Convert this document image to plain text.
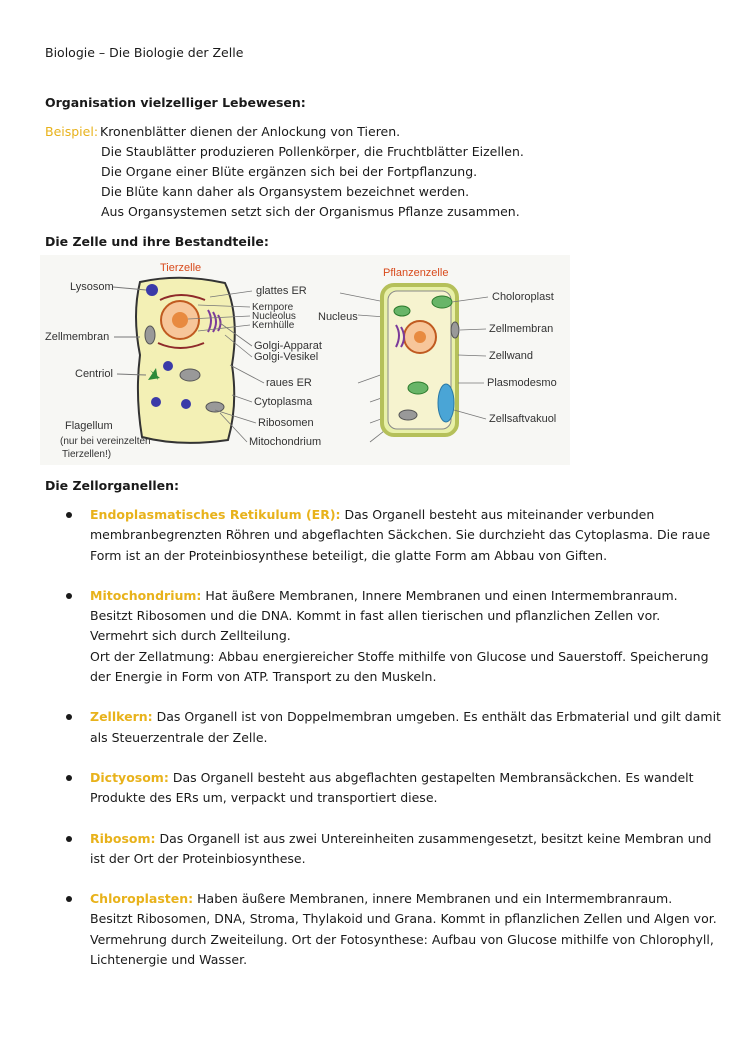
Biologie – Die Biologie der Zelle
Organisation vielzelliger Lebewesen:
Beispiel: Kronenblätter dienen der Anlockung von Tieren.
Die Staublätter produzieren Pollenkörper, die Fruchtblätter Eizellen.
Die Organe einer Blüte ergänzen sich bei der Fortpflanzung.
Die Blüte kann daher als Organsystem bezeichnet werden.
Aus Organsystemen setzt sich der Organismus Pflanze zusammen.
Die Zelle und ihre Bestandteile:
Tierzelle
Lysosom
Zellmembran
Centriol
Flagellum
(nur bei vereinzelten
Tierzellen!)
glattes ER
Kernpore
Nucleolus
Kernhülle
Nucleus
Golgi-Apparat
Golgi-Vesikel
raues ER
Cytoplasma
Ribosomen
Mitochondrium
Pflanzenzelle
Choloroplast
Zellmembran
Zellwand
Plasmodesmo
Zellsaftvakuol
Die Zellorganellen:
Endoplasmatisches Retikulum (ER): Das Organell besteht aus miteinander verbunden
membranbegrenzten Röhren und abgeflachten Säckchen. Sie durchzieht das Cytoplasma. Die raue
Form ist an der Proteinbiosynthese beteiligt, die glatte Form am Abbau von Giften.
Mitochondrium: Hat äußere Membranen, Innere Membranen und einen Intermembranraum.
Besitzt Ribosomen und die DNA. Kommt in fast allen tierischen und pflanzlichen Zellen vor.
Vermehrt sich durch Zellteilung.
Ort der Zellatmung: Abbau energiereicher Stoffe mithilfe von Glucose und Sauerstoff. Speicherung
der Energie in Form von ATP. Transport zu den Muskeln.
Zellkern: Das Organell ist von Doppelmembran umgeben. Es enthält das Erbmaterial und gilt damit
als Steuerzentrale der Zelle.
Dictyosom: Das Organell besteht aus abgeflachten gestapelten Membransäckchen. Es wandelt
Produkte des ERs um, verpackt und transportiert diese.
Ribosom: Das Organell ist aus zwei Untereinheiten zusammengesetzt, besitzt keine Membran und
ist der Ort der Proteinbiosynthese.
Chloroplasten: Haben äußere Membranen, innere Membranen und ein Intermembranraum.
Besitzt Ribosomen, DNA, Stroma, Thylakoid und Grana. Kommt in pflanzlichen Zellen und Algen vor.
Vermehrung durch Zweiteilung. Ort der Fotosynthese: Aufbau von Glucose mithilfe von Chlorophyll,
Lichtenergie und Wasser.
